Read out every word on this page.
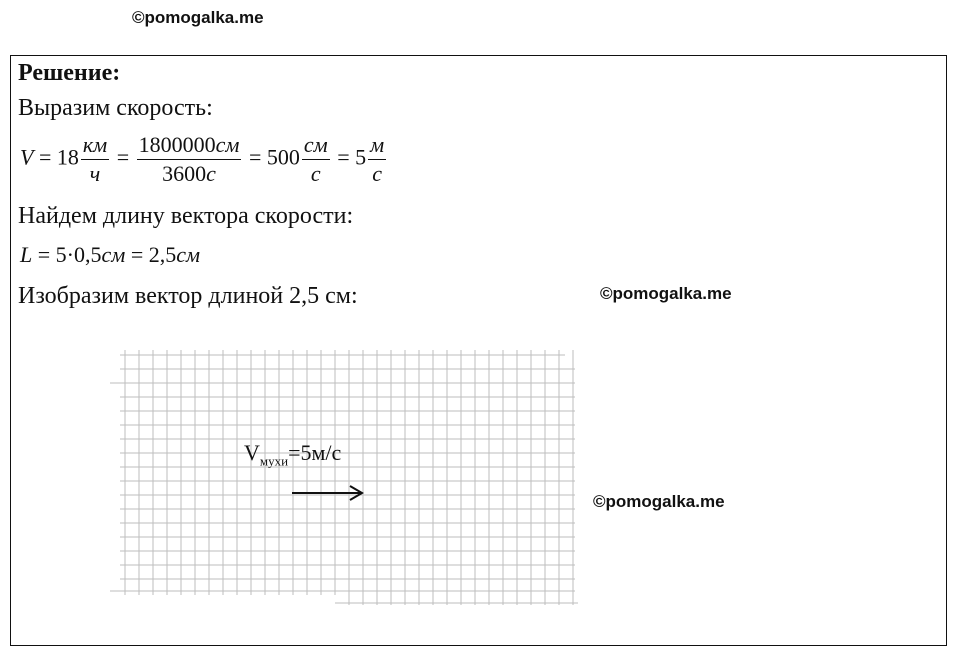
©pomogalka.me
Решение:
Выразим скорость:
$V = 18 \frac{км}{ч} = \frac{1800000см}{3600с} = 500 \frac{см}{с} = 5 \frac{м}{с}$
Найдем длину вектора скорости:
L = 5·0,5см = 2,5см
Изобразим вектор длиной 2,5 см:	©pomogalka.me
©pomogalka.me
$V_{мухи}=5м/с$
